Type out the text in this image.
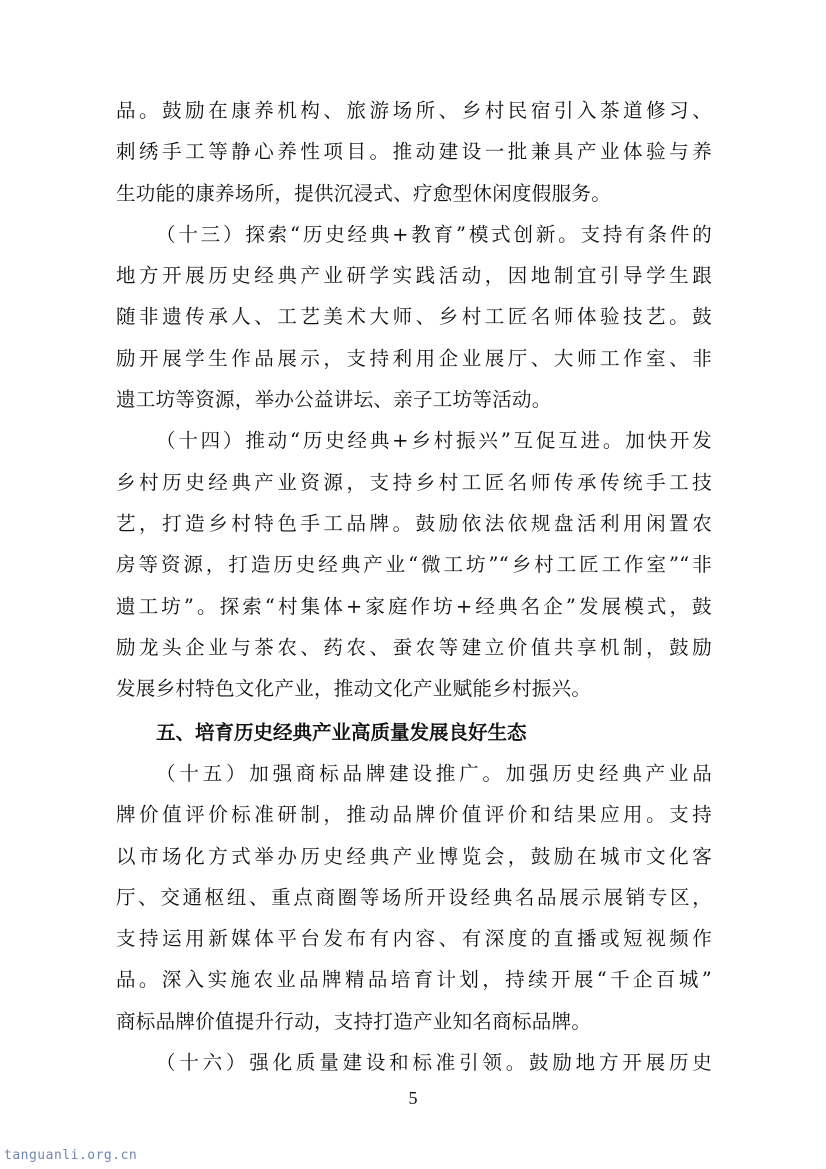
品。鼓励在康养机构、旅游场所、乡村民宿引入茶道修习、
刺绣手工等静心养性项目。推动建设一批兼具产业体验与养
生功能的康养场所，提供沉浸式、疗愈型休闲度假服务。
（十三）探索“历史经典+教育”模式创新。支持有条件的
地方开展历史经典产业研学实践活动，因地制宜引导学生跟
随非遗传承人、工艺美术大师、乡村工匠名师体验技艺。鼓
励开展学生作品展示，支持利用企业展厅、大师工作室、非
遗工坊等资源，举办公益讲坛、亲子工坊等活动。
（十四）推动“历史经典+乡村振兴”互促互进。加快开发
乡村历史经典产业资源，支持乡村工匠名师传承传统手工技
艺，打造乡村特色手工品牌。鼓励依法依规盘活利用闲置农
房等资源，打造历史经典产业“微工坊”“乡村工匠工作室”“非
遗工坊”。探索“村集体+家庭作坊+经典名企”发展模式，鼓
励龙头企业与茶农、药农、蚕农等建立价值共享机制，鼓励
发展乡村特色文化产业，推动文化产业赋能乡村振兴。
五、培育历史经典产业高质量发展良好生态
（十五）加强商标品牌建设推广。加强历史经典产业品
牌价值评价标准研制，推动品牌价值评价和结果应用。支持
以市场化方式举办历史经典产业博览会，鼓励在城市文化客
厅、交通枢纽、重点商圈等场所开设经典名品展示展销专区，
支持运用新媒体平台发布有内容、有深度的直播或短视频作
品。深入实施农业品牌精品培育计划，持续开展“千企百城”
商标品牌价值提升行动，支持打造产业知名商标品牌。
（十六）强化质量建设和标准引领。鼓励地方开展历史
5
tanguanli.org.cn
